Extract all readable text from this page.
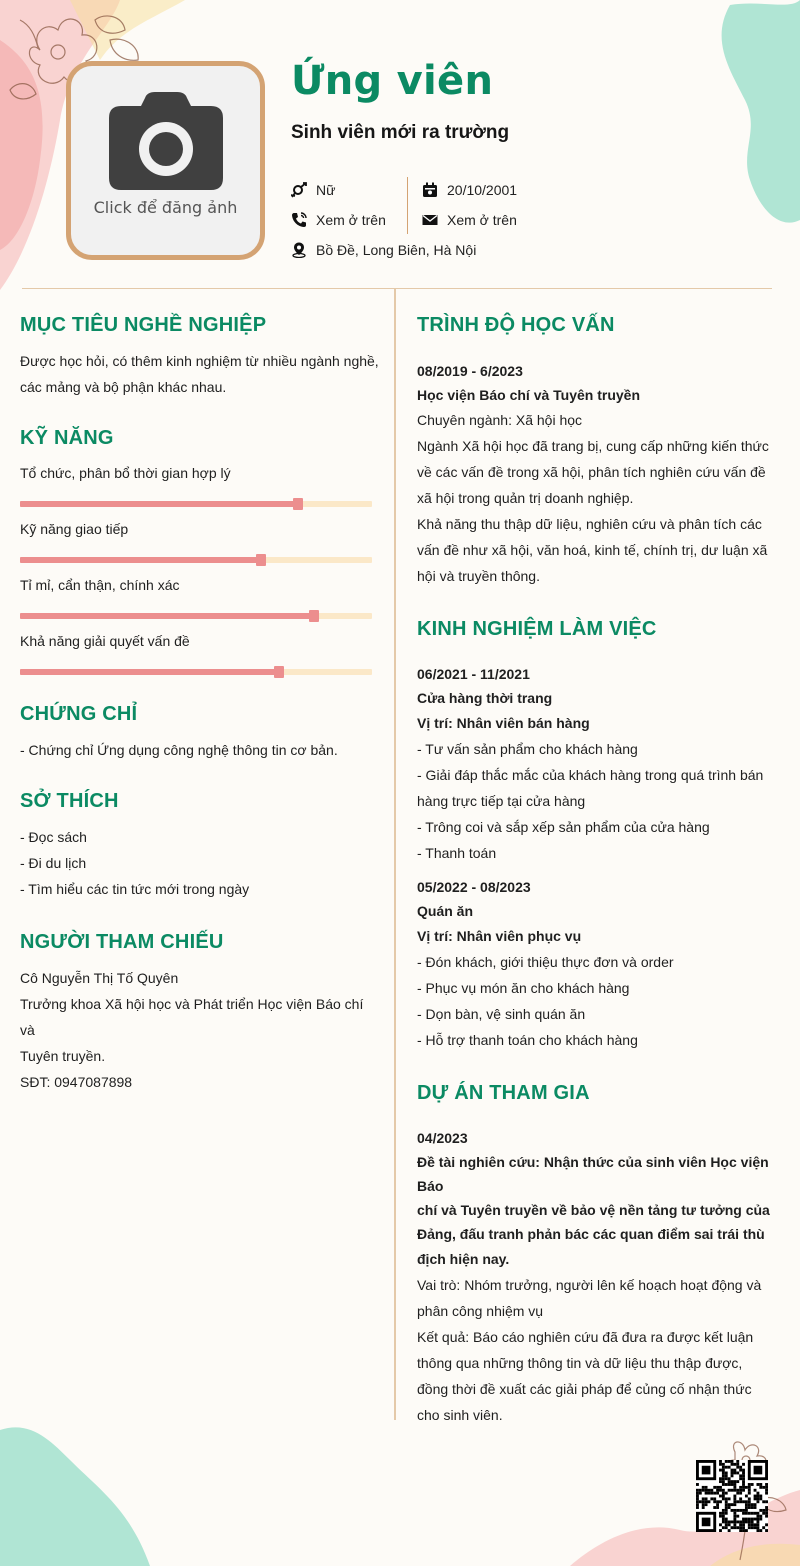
Click để đăng ảnh
Ứng viên
Sinh viên mới ra trường
Nữ	20/10/2001
Xem ở trên	Xem ở trên
Bồ Đề, Long Biên, Hà Nội
MỤC TIÊU NGHỀ NGHIỆP
Được học hỏi, có thêm kinh nghiệm từ nhiều ngành nghề,
các mảng và bộ phận khác nhau.
KỸ NĂNG
Tổ chức, phân bổ thời gian hợp lý
Kỹ năng giao tiếp
Tỉ mỉ, cẩn thận, chính xác
Khả năng giải quyết vấn đề
CHỨNG CHỈ
- Chứng chỉ Ứng dụng công nghệ thông tin cơ bản.
SỞ THÍCH
- Đọc sách
- Đi du lịch
- Tìm hiểu các tin tức mới trong ngày
NGƯỜI THAM CHIẾU
Cô Nguyễn Thị Tố Quyên
Trưởng khoa Xã hội học và Phát triển Học viện Báo chí và
Tuyên truyền.
SĐT: 0947087898
TRÌNH ĐỘ HỌC VẤN
08/2019 - 6/2023
Học viện Báo chí và Tuyên truyền
Chuyên ngành: Xã hội học
Ngành Xã hội học đã trang bị, cung cấp những kiến thức
về các vấn đề trong xã hội, phân tích nghiên cứu vấn đề
xã hội trong quản trị doanh nghiệp.
Khả năng thu thập dữ liệu, nghiên cứu và phân tích các
vấn đề như xã hội, văn hoá, kinh tế, chính trị, dư luận xã
hội và truyền thông.
KINH NGHIỆM LÀM VIỆC
06/2021 - 11/2021
Cửa hàng thời trang
Vị trí: Nhân viên bán hàng
- Tư vấn sản phẩm cho khách hàng
- Giải đáp thắc mắc của khách hàng trong quá trình bán
hàng trực tiếp tại cửa hàng
- Trông coi và sắp xếp sản phẩm của cửa hàng
- Thanh toán
05/2022 - 08/2023
Quán ăn
Vị trí: Nhân viên phục vụ
- Đón khách, giới thiệu thực đơn và order
- Phục vụ món ăn cho khách hàng
- Dọn bàn, vệ sinh quán ăn
- Hỗ trợ thanh toán cho khách hàng
DỰ ÁN THAM GIA
04/2023
Đề tài nghiên cứu: Nhận thức của sinh viên Học viện Báo
chí và Tuyên truyền về bảo vệ nền tảng tư tưởng của
Đảng, đấu tranh phản bác các quan điểm sai trái thù
địch hiện nay.
Vai trò: Nhóm trưởng, người lên kế hoạch hoạt động và
phân công nhiệm vụ
Kết quả: Báo cáo nghiên cứu đã đưa ra được kết luận
thông qua những thông tin và dữ liệu thu thập được,
đồng thời đề xuất các giải pháp để củng cố nhận thức
cho sinh viên.
